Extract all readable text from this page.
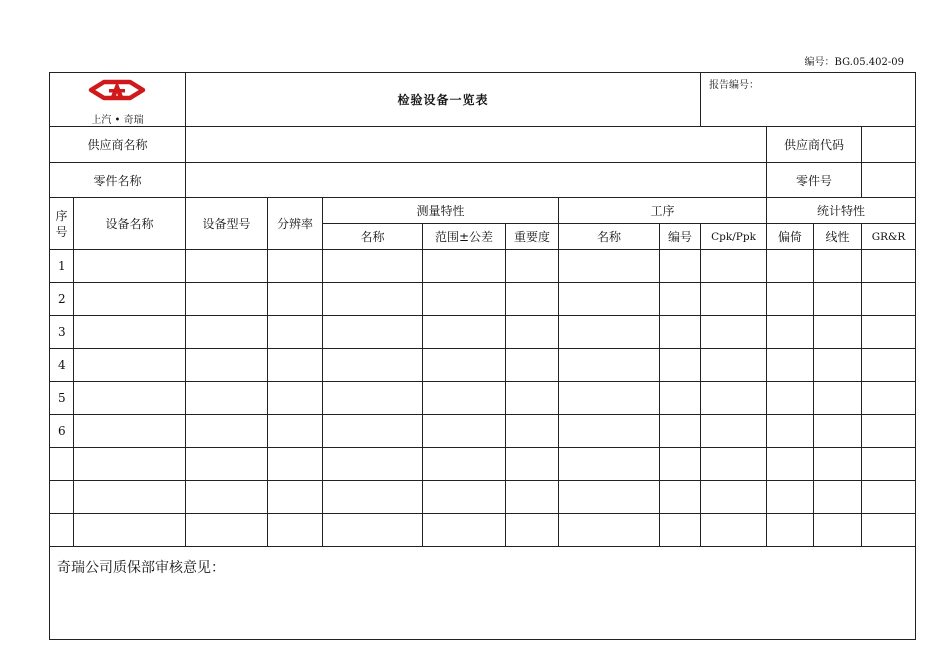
编号：BG.05.402-09
上汽 • 奇瑞		检验设备一览表							报告编号：			

供应商名称										供应商代码		
零件名称										零件号		

序号	设备名称	设备型号	分辨率	测量特性			工序			统计特性		
				名称	范围±公差	重要度	名称	编号	Cpk/Ppk	偏倚	线性	GR&R
1												
2												
3												
4												
5												
6												

奇瑞公司质保部审核意见：												
